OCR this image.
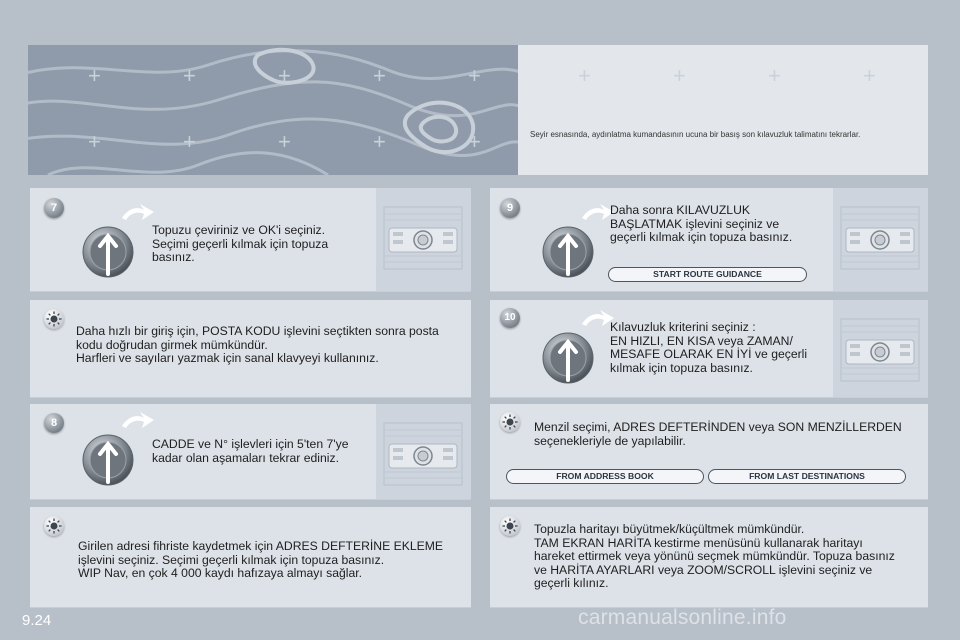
+	+	+	+	+
+	+	+	+	+
+	+	+	+
Seyir esnasında, aydınlatma kumandasının ucuna bir basış son kılavuzluk talimatını tekrarlar.
7
Topuzu çeviriniz ve OK'i seçiniz.
Seçimi geçerli kılmak için topuza
basınız.
Daha hızlı bir giriş için, POSTA KODU işlevini seçtikten sonra posta
kodu doğrudan girmek mümkündür.
Harfleri ve sayıları yazmak için sanal klavyeyi kullanınız.
8
CADDE ve N° işlevleri için 5'ten 7'ye
kadar olan aşamaları tekrar ediniz.
Girilen adresi fihriste kaydetmek için ADRES DEFTERİNE EKLEME
işlevini seçiniz. Seçimi geçerli kılmak için topuza basınız.
WIP Nav, en çok 4 000 kaydı hafızaya almayı sağlar.
9	Daha sonra KILAVUZLUK
BAŞLATMAK işlevini seçiniz ve
geçerli kılmak için topuza basınız.
START ROUTE GUIDANCE
10
Kılavuzluk kriterini seçiniz :
EN HIZLI, EN KISA veya ZAMAN/
MESAFE OLARAK EN İYİ ve geçerli
kılmak için topuza basınız.
Menzil seçimi, ADRES DEFTERİNDEN veya SON MENZİLLERDEN
seçenekleriyle de yapılabilir.
FROM ADDRESS BOOK	FROM LAST DESTINATIONS
Topuzla haritayı büyütmek/küçültmek mümkündür.
TAM EKRAN HARİTA kestirme menüsünü kullanarak haritayı
hareket ettirmek veya yönünü seçmek mümkündür. Topuza basınız
ve HARİTA AYARLARI veya ZOOM/SCROLL işlevini seçiniz ve
geçerli kılınız.
9.24	carmanualsonline.info
